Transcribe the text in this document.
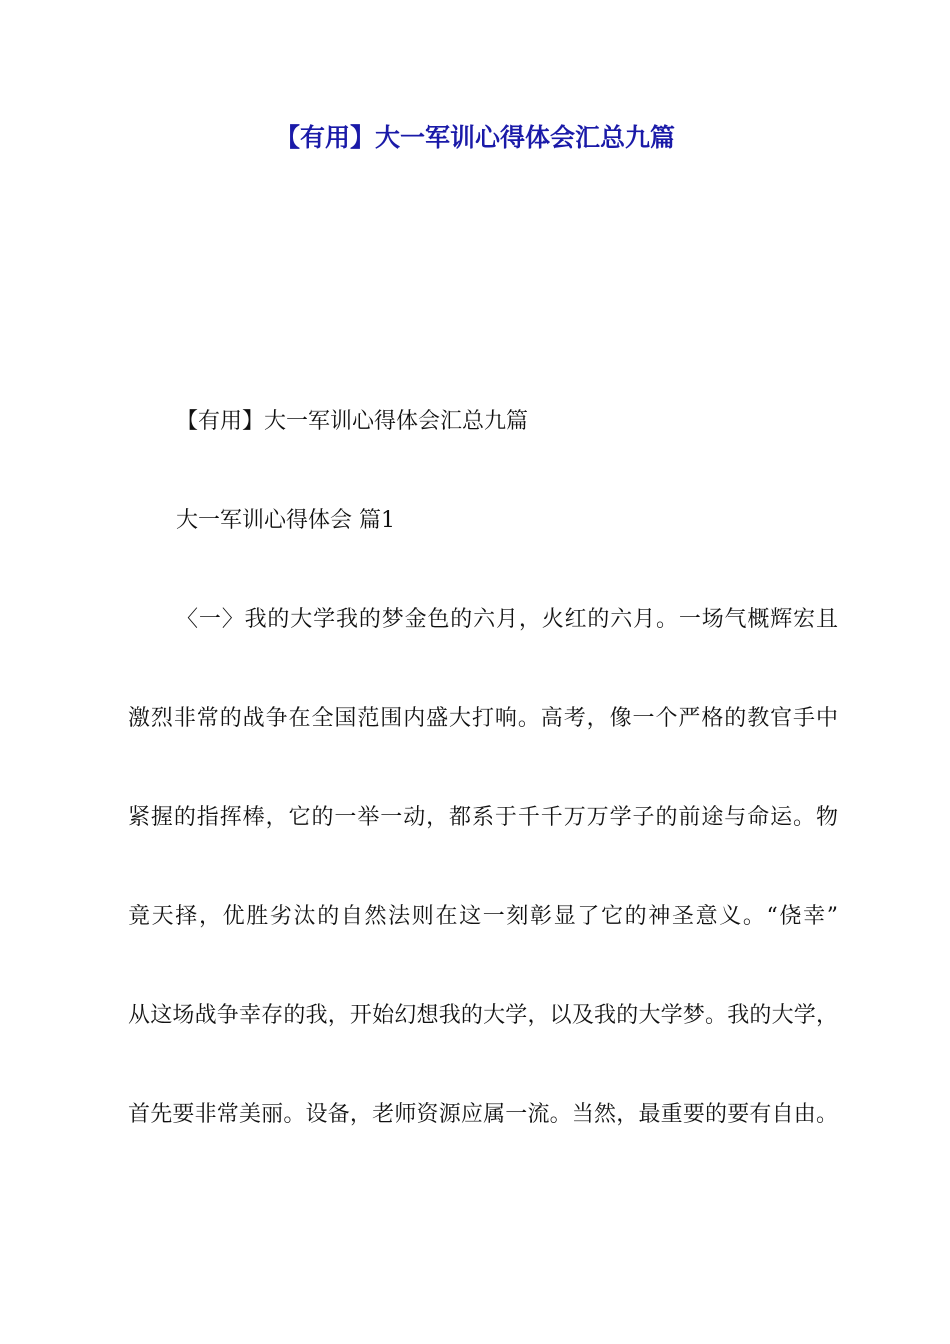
【有用】大一军训心得体会汇总九篇
【有用】大一军训心得体会汇总九篇
大一军训心得体会 篇1
〈一〉我的大学我的梦金色的六月，火红的六月。一场气概辉宏且
激烈非常的战争在全国范围内盛大打响。高考，像一个严格的教官手中
紧握的指挥棒，它的一举一动，都系于千千万万学子的前途与命运。物
竟天择，优胜劣汰的自然法则在这一刻彰显了它的神圣意义。“侥幸”
从这场战争幸存的我，开始幻想我的大学，以及我的大学梦。我的大学，
首先要非常美丽。设备，老师资源应属一流。当然，最重要的要有自由。
